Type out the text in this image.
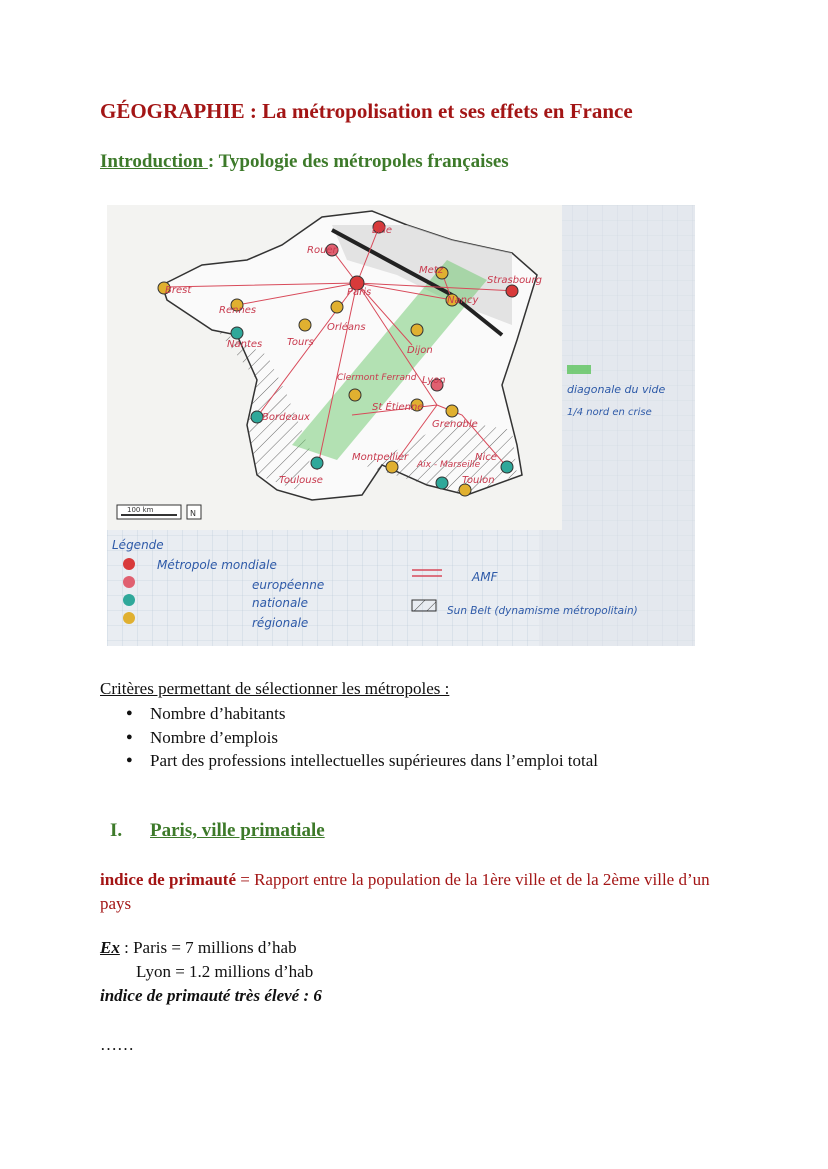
GÉOGRAPHIE : La métropolisation et ses effets en France
Introduction : Typologie des métropoles françaises
Lille
Rouen
Paris
Metz
Strasbourg
Brest
Rennes
Nancy
Orléans
Nantes Tours
Dijon
Clermont Ferrand Lyon
St Étienne
Bordeaux
Grenoble
Montpellier
Aix - Marseille
Nice
Toulouse	Toulon
diagonale du vide
1/4 nord en crise
100 km	N
Légende
Métropole mondiale
européenne
nationale
régionale
AMF
Sun Belt (dynamisme métropolitain)
Critères permettant de sélectionner les métropoles :
● Nombre d’habitants
● Nombre d’emplois
● Part des professions intellectuelles supérieures dans l’emploi total
I. Paris, ville primatiale
indice de primauté = Rapport entre la population de la 1ère ville et de la 2ème ville d’un pays
Ex : Paris = 7 millions d’hab
Lyon = 1.2 millions d’hab
indice de primauté très élevé : 6
……
